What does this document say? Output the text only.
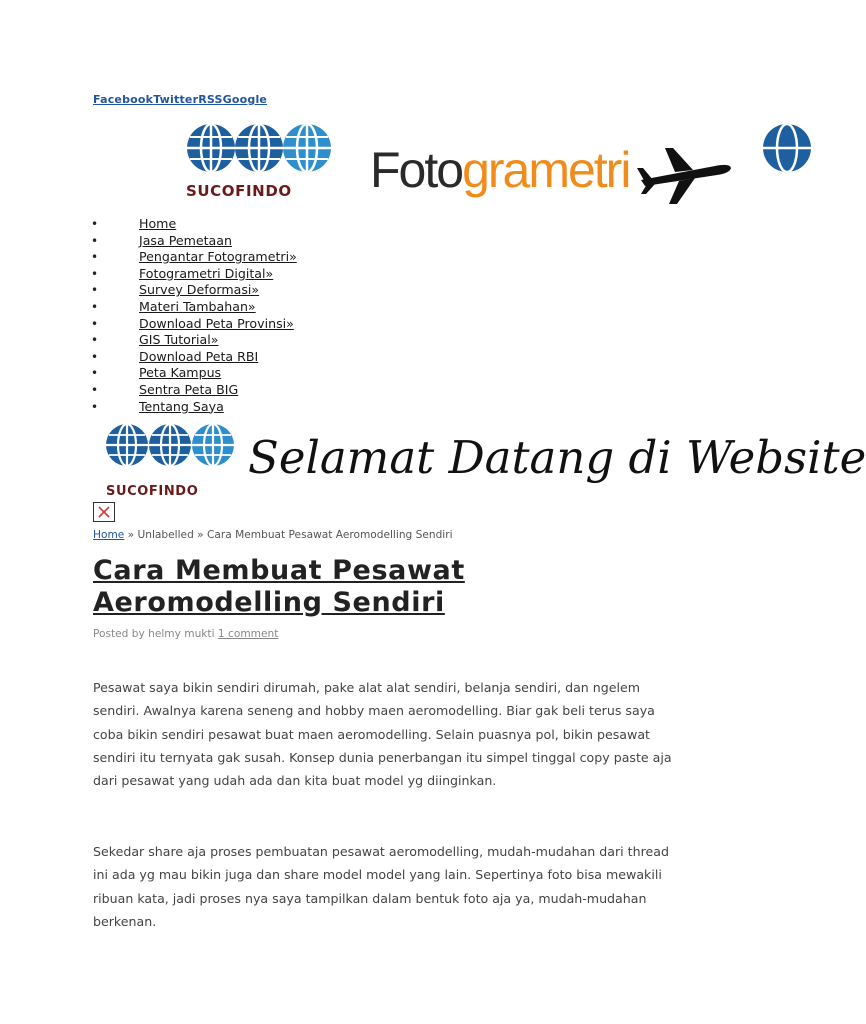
FacebookTwitterRSSGoogle
SUCOFINDO	Fotogrametri
Home
Jasa Pemetaan
Pengantar Fotogrametri»
Fotogrametri Digital»
Survey Deformasi»
Materi Tambahan»
Download Peta Provinsi»
GIS Tutorial»
Download Peta RBI
Peta Kampus
Sentra Peta BIG
Tentang Saya
SUCOFINDO
Selamat Datang di Website
Home » Unlabelled » Cara Membuat Pesawat Aeromodelling Sendiri
Cara Membuat Pesawat Aeromodelling Sendiri
Posted by helmy mukti 1 comment

Pesawat saya bikin sendiri dirumah, pake alat alat sendiri, belanja sendiri, dan ngelem sendiri. Awalnya karena seneng and hobby maen aeromodelling. Biar gak beli terus saya coba bikin sendiri pesawat buat maen aeromodelling. Selain puasnya pol, bikin pesawat sendiri itu ternyata gak susah. Konsep dunia penerbangan itu simpel tinggal copy paste aja dari pesawat yang udah ada dan kita buat model yg diinginkan.

Sekedar share aja proses pembuatan pesawat aeromodelling, mudah-mudahan dari thread ini ada yg mau bikin juga dan share model model yang lain. Sepertinya foto bisa mewakili ribuan kata, jadi proses nya saya tampilkan dalam bentuk foto aja ya, mudah-mudahan berkenan.
